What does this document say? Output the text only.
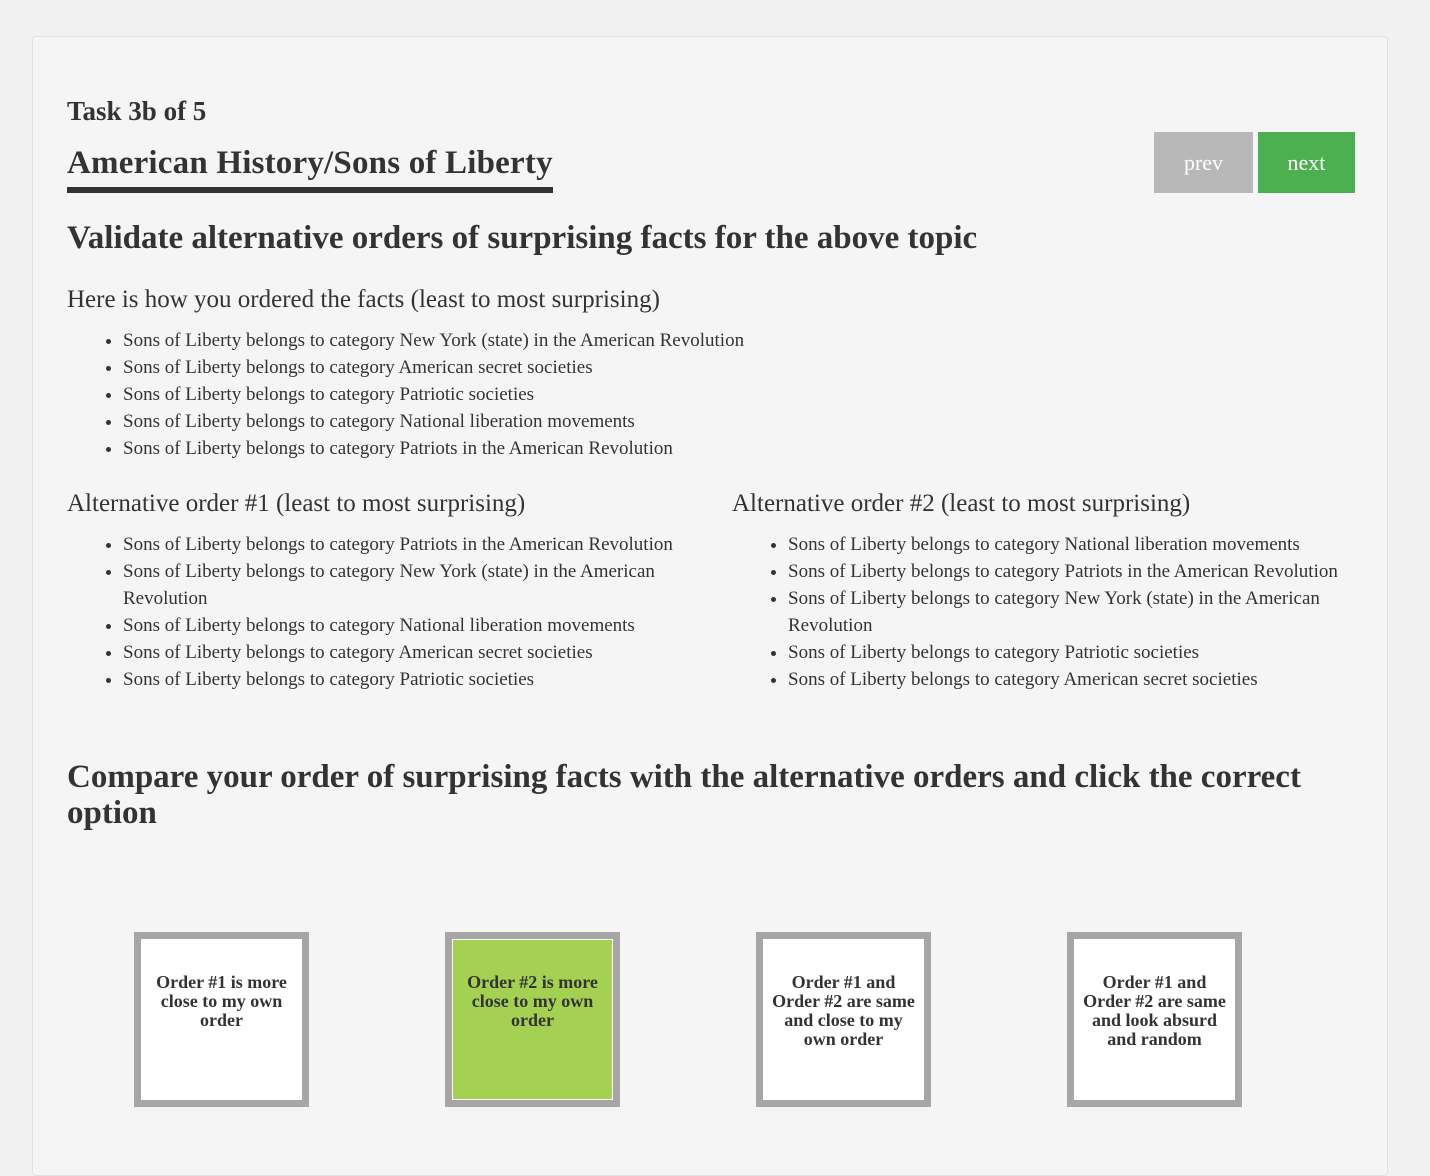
Task 3b of 5
American History/Sons of Liberty	prev	next
Validate alternative orders of surprising facts for the above topic
Here is how you ordered the facts (least to most surprising)
• Sons of Liberty belongs to category New York (state) in the American Revolution
• Sons of Liberty belongs to category American secret societies
• Sons of Liberty belongs to category Patriotic societies
• Sons of Liberty belongs to category National liberation movements
• Sons of Liberty belongs to category Patriots in the American Revolution
Alternative order #1 (least to most surprising)
• Sons of Liberty belongs to category Patriots in the American Revolution
• Sons of Liberty belongs to category New York (state) in the American Revolution
• Sons of Liberty belongs to category National liberation movements
• Sons of Liberty belongs to category American secret societies
• Sons of Liberty belongs to category Patriotic societies
Alternative order #2 (least to most surprising)
• Sons of Liberty belongs to category National liberation movements
• Sons of Liberty belongs to category Patriots in the American Revolution
• Sons of Liberty belongs to category New York (state) in the American Revolution
• Sons of Liberty belongs to category Patriotic societies
• Sons of Liberty belongs to category American secret societies
Compare your order of surprising facts with the alternative orders and click the correct option
Order #1 is more close to my own order
Order #2 is more close to my own order
Order #1 and Order #2 are same and close to my own order
Order #1 and Order #2 are same and look absurd and random
